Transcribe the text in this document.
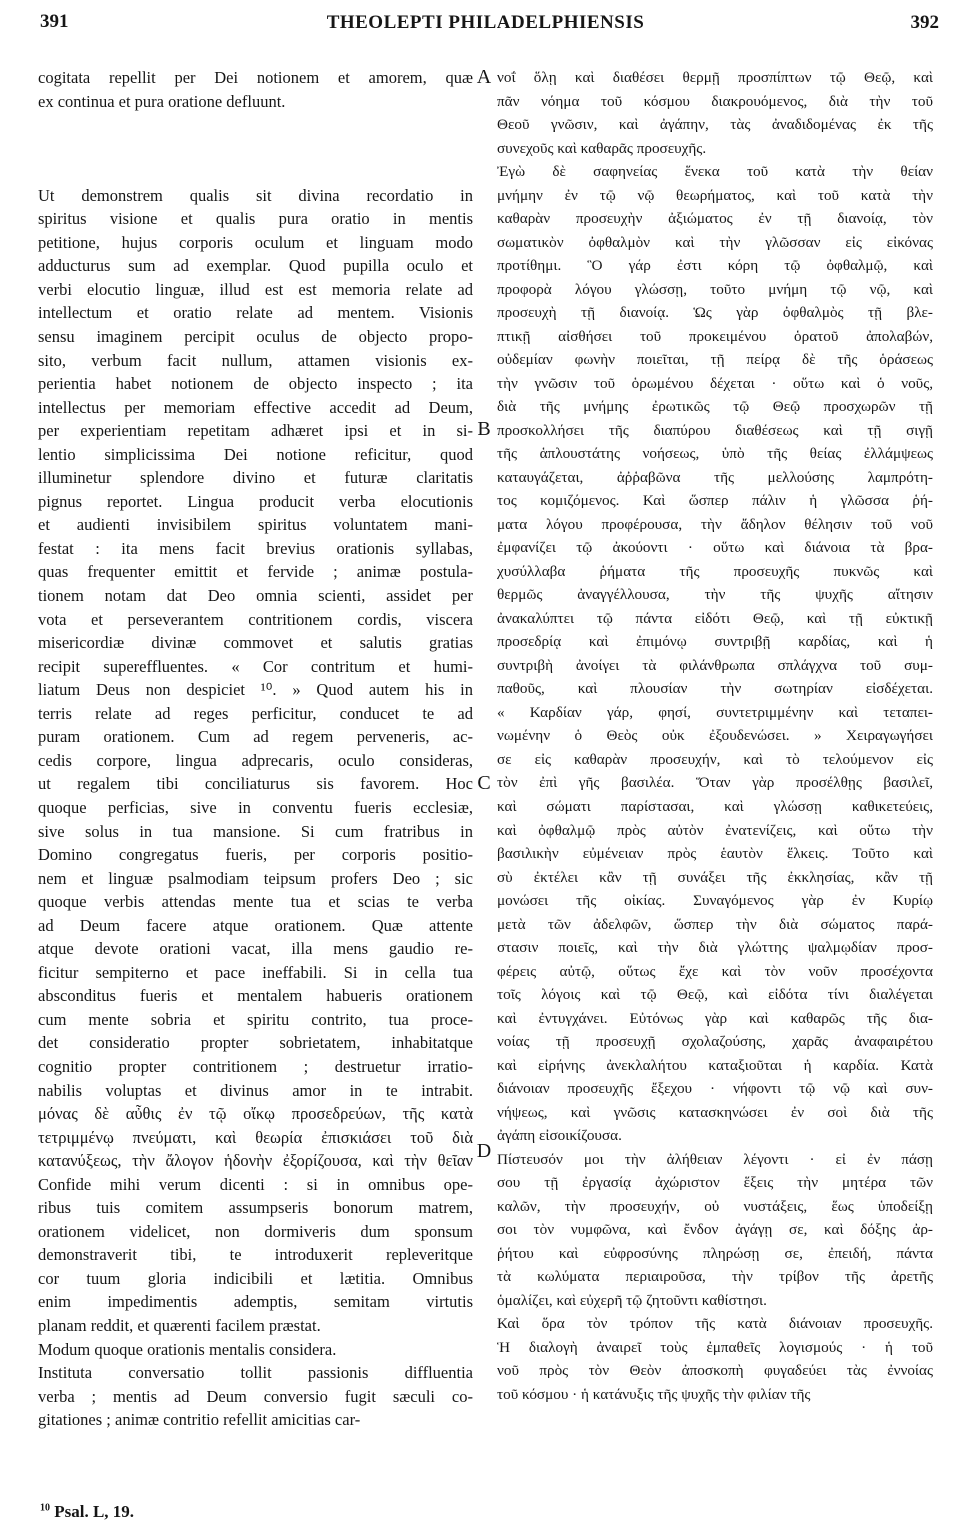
391	THEOLEPTI PHILADELPHIENSIS	392
cogitata repellit per Dei notionem et amorem, quæ
ex continua et pura oratione defluunt.
Ut demonstrem qualis sit divina recordatio in
spiritus visione et qualis pura oratio in mentis
petitione, hujus corporis oculum et linguam modo
adducturus sum ad exemplar. Quod pupilla oculo et
verbi elocutio linguæ, illud est est memoria relate ad
intellectum et oratio relate ad mentem. Visionis
sensu imaginem percipit oculus de objecto propo-
sito, verbum facit nullum, attamen visionis ex-
perientia habet notionem de objecto inspecto ; ita
intellectus per memoriam effective accedit ad Deum,
per experientiam repetitam adhæret ipsi et in si-
lentio simplicissima Dei notione reficitur, quod
illuminetur splendore divino et futuræ claritatis
pignus reportet. Lingua producit verba elocutionis
et audienti invisibilem spiritus voluntatem mani-
festat : ita mens facit brevius orationis syllabas,
quas frequenter emittit et fervide ; animæ postula-
tionem notam dat Deo omnia scienti, assidet per
vota et perseverantem contritionem cordis, viscera
misericordiæ divinæ commovet et salutis gratias
recipit supereffluentes. « Cor contritum et humi-
liatum Deus non despiciet ¹⁰. » Quod autem his in
terris relate ad reges perficitur, conducet te ad
puram orationem. Cum ad regem perveneris, ac-
cedis corpore, lingua adprecaris, oculo consideras,
ut regalem tibi conciliaturus sis favorem. Hoc
quoque perficias, sive in conventu fueris ecclesiæ,
sive solus in tua mansione. Si cum fratribus in
Domino congregatus fueris, per corporis positio-
nem et linguæ psalmodiam teipsum profers Deo ; sic
quoque verbis attendas mente tua et scias te verba
ad Deum facere atque orationem. Quæ attente
atque devote orationi vacat, illa mens gaudio re-
ficitur sempiterno et pace ineffabili. Si in cella tua
absconditus fueris et mentalem habueris orationem
cum mente sobria et spiritu contrito, tua proce-
det consideratio propter sobrietatem, inhabitatque
cognitio propter contritionem ; destruetur irratio-
nabilis voluptas et divinus amor in te intrabit.
μόνας δὲ αὖθις ἐν τῷ οἴκῳ προσεδρεύων, τῆς κατὰ
τετριμμένῳ πνεύματι, καὶ θεωρία ἐπισκιάσει τοῦ διὰ
κατανύξεως, τὴν ἄλογον ἡδονὴν ἐξορίζουσα, καὶ τὴν θεῖαν
Confide mihi verum dicenti : si in omnibus ope-
ribus tuis comitem assumpseris bonorum matrem,
orationem videlicet, non dormiveris dum sponsum
demonstraverit tibi, te introduxerit repleveritque
cor tuum gloria indicibili et lætitia. Omnibus
enim impedimentis ademptis, semitam virtutis
planam reddit, et quærenti facilem præstat.
Modum quoque orationis mentalis considera.
Instituta conversatio tollit passionis diffluentia
verba ; mentis ad Deum conversio fugit sæculi co-
gitationes ; animæ contritio refellit amicitias car-
A
B
C
D
νοΐ ὅλῃ καὶ διαθέσει θερμῇ προσπίπτων τῷ Θεῷ, καὶ
πᾶν νόημα τοῦ κόσμου διακρουόμενος, διὰ τὴν τοῦ
Θεοῦ γνῶσιν, καὶ ἀγάπην, τὰς ἀναδιδομένας ἐκ τῆς
συνεχοῦς καὶ καθαρᾶς προσευχῆς.
Ἐγὼ δὲ σαφηνείας ἕνεκα τοῦ κατὰ τὴν θείαν
μνήμην ἐν τῷ νῷ θεωρήματος, καὶ τοῦ κατὰ τὴν
καθαρὰν προσευχὴν ἀξιώματος ἐν τῇ διανοίᾳ, τὸν
σωματικὸν ὀφθαλμὸν καὶ τὴν γλῶσσαν εἰς εἰκόνας
προτίθημι. Ὃ γάρ ἐστι κόρη τῷ ὀφθαλμῷ, καὶ
προφορὰ λόγου γλώσσῃ, τοῦτο μνήμη τῷ νῷ, καὶ
προσευχὴ τῇ διανοίᾳ. Ὡς γὰρ ὀφθαλμὸς τῇ βλε-
πτικῇ αἰσθήσει τοῦ προκειμένου ὁρατοῦ ἀπολαβών,
οὐδεμίαν φωνὴν ποιεῖται, τῇ πείρᾳ δὲ τῆς ὁράσεως
τὴν γνῶσιν τοῦ ὁρωμένου δέχεται · οὕτω καὶ ὁ νοῦς,
διὰ τῆς μνήμης ἐρωτικῶς τῷ Θεῷ προσχωρῶν τῇ
προσκολλήσει τῆς διαπύρου διαθέσεως καὶ τῇ σιγῇ
τῆς ἁπλουστάτης νοήσεως, ὑπὸ τῆς θείας ἐλλάμψεως
καταυγάζεται, ἀῤῥαβῶνα τῆς μελλούσης λαμπρότη-
τος κομιζόμενος. Καὶ ὥσπερ πάλιν ἡ γλῶσσα ῥή-
ματα λόγου προφέρουσα, τὴν ἄδηλον θέλησιν τοῦ νοῦ
ἐμφανίζει τῷ ἀκούοντι · οὕτω καὶ διάνοια τὰ βρα-
χυσύλλαβα ῥήματα τῆς προσευχῆς πυκνῶς καὶ
θερμῶς ἀναγγέλλουσα, τὴν τῆς ψυχῆς αἴτησιν
ἀνακαλύπτει τῷ πάντα εἰδότι Θεῷ, καὶ τῇ εὐκτικῇ
προσεδρίᾳ καὶ ἐπιμόνῳ συντριβῇ καρδίας, καὶ ἡ
συντριβὴ ἀνοίγει τὰ φιλάνθρωπα σπλάγχνα τοῦ συμ-
παθοῦς, καὶ πλουσίαν τὴν σωτηρίαν εἰσδέχεται.
« Καρδίαν γάρ, φησί, συντετριμμένην καὶ τεταπει-
νωμένην ὁ Θεὸς οὐκ ἐξουδενώσει. » Χειραγωγήσει
σε εἰς καθαρὰν προσευχήν, καὶ τὸ τελούμενον εἰς
τὸν ἐπὶ γῆς βασιλέα. Ὅταν γὰρ προσέλθῃς βασιλεῖ,
καὶ σώματι παρίστασαι, καὶ γλώσσῃ καθικετεύεις,
καὶ ὀφθαλμῷ πρὸς αὐτὸν ἐνατενίζεις, καὶ οὕτω τὴν
βασιλικὴν εὐμένειαν πρὸς ἑαυτὸν ἕλκεις. Τοῦτο καὶ
σὺ ἐκτέλει κἂν τῇ συνάξει τῆς ἐκκλησίας, κἂν τῇ
μονώσει τῆς οἰκίας. Συναγόμενος γὰρ ἐν Κυρίῳ
μετὰ τῶν ἀδελφῶν, ὥσπερ τὴν διὰ σώματος παρά-
στασιν ποιεῖς, καὶ τὴν διὰ γλώττης ψαλμῳδίαν προσ-
φέρεις αὐτῷ, οὕτως ἔχε καὶ τὸν νοῦν προσέχοντα
τοῖς λόγοις καὶ τῷ Θεῷ, καὶ εἰδότα τίνι διαλέγεται
καὶ ἐντυγχάνει. Εὐτόνως γὰρ καὶ καθαρῶς τῆς δια-
νοίας τῇ προσευχῇ σχολαζούσης, χαρᾶς ἀναφαιρέτου
καὶ εἰρήνης ἀνεκλαλήτου καταξιοῦται ἡ καρδία. Κατὰ
διάνοιαν προσευχῆς ἔξεχου · νήφοντι τῷ νῷ καὶ συν-
νήψεως, καὶ γνῶσις κατασκηνώσει ἐν σοὶ διὰ τῆς
ἀγάπη εἰσοικίζουσα.
Πίστευσόν μοι τὴν ἀλήθειαν λέγοντι · εἰ ἐν πάσῃ
σου τῇ ἐργασίᾳ ἀχώριστον ἕξεις τὴν μητέρα τῶν
καλῶν, τὴν προσευχήν, οὐ νυστάξεις, ἕως ὑποδείξῃ
σοι τὸν νυμφῶνα, καὶ ἔνδον ἀγάγῃ σε, καὶ δόξης ἀρ-
ῥήτου καὶ εὐφροσύνης πληρώσῃ σε, ἐπειδή, πάντα
τὰ κωλύματα περιαιροῦσα, τὴν τρίβον τῆς ἀρετῆς
ὁμαλίζει, καὶ εὐχερῆ τῷ ζητοῦντι καθίστησι.
Καὶ ὅρα τὸν τρόπον τῆς κατὰ διάνοιαν προσευχῆς.
Ἡ διαλογὴ ἀναιρεῖ τοὺς ἐμπαθεῖς λογισμούς · ἡ τοῦ
νοῦ πρὸς τὸν Θεὸν ἀποσκοπὴ φυγαδεύει τὰς ἐννοίας
τοῦ κόσμου · ἡ κατάνυξις τῆς ψυχῆς τὴν φιλίαν τῆς
$^{10}$ Psal. L, 19.
